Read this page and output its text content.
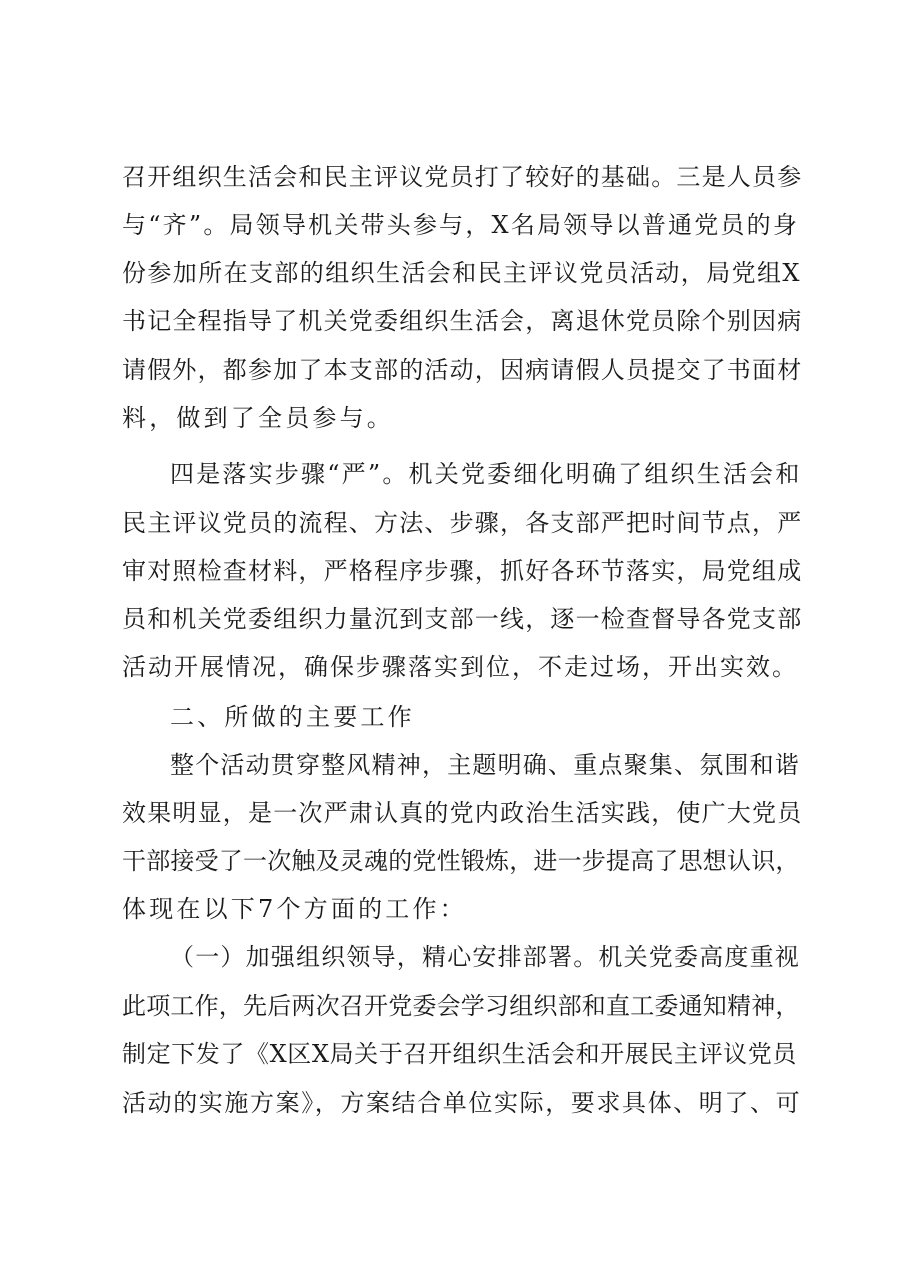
召开组织生活会和民主评议党员打了较好的基础。三是人员参
与“齐”。局领导机关带头参与，X名局领导以普通党员的身
份参加所在支部的组织生活会和民主评议党员活动，局党组X
书记全程指导了机关党委组织生活会，离退休党员除个别因病
请假外，都参加了本支部的活动，因病请假人员提交了书面材
料，做到了全员参与。
四是落实步骤“严”。机关党委细化明确了组织生活会和
民主评议党员的流程、方法、步骤，各支部严把时间节点，严
审对照检查材料，严格程序步骤，抓好各环节落实，局党组成
员和机关党委组织力量沉到支部一线，逐一检查督导各党支部
活动开展情况，确保步骤落实到位，不走过场，开出实效。
二、所做的主要工作
整个活动贯穿整风精神，主题明确、重点聚集、氛围和谐
效果明显，是一次严肃认真的党内政治生活实践，使广大党员
干部接受了一次触及灵魂的党性锻炼，进一步提高了思想认识，
体现在以下7个方面的工作：
（一）加强组织领导，精心安排部署。机关党委高度重视
此项工作，先后两次召开党委会学习组织部和直工委通知精神，
制定下发了《X区X局关于召开组织生活会和开展民主评议党员
活动的实施方案》，方案结合单位实际，要求具体、明了、可
